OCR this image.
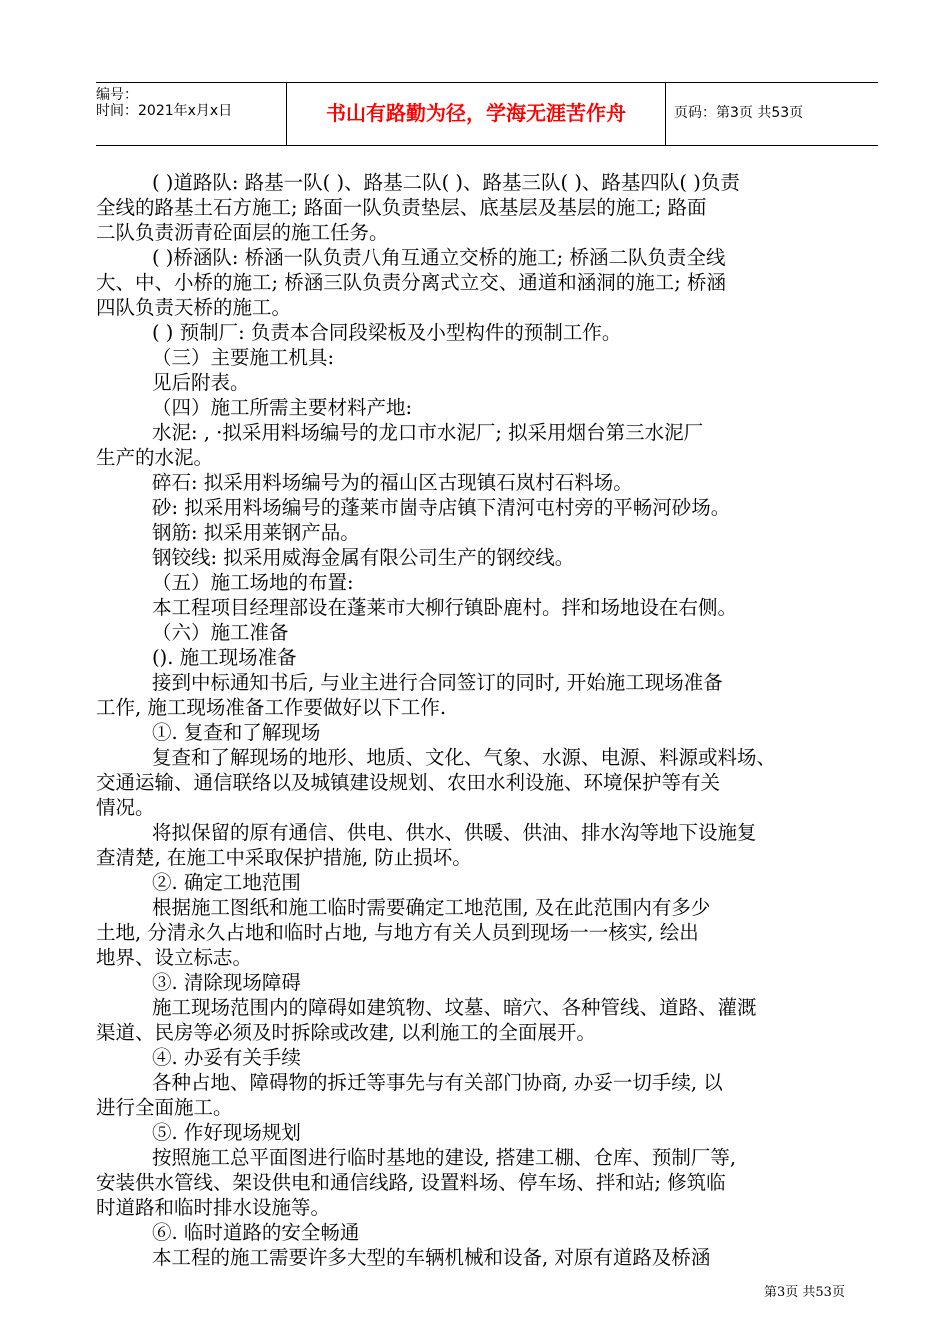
编号：
时间：2021年x月x日	书山有路勤为径，学海无涯苦作舟	页码：第3页 共53页
( )道路队: 路基一队( )、路基二队( )、路基三队( )、路基四队( )负责
全线的路基土石方施工; 路面一队负责垫层、底基层及基层的施工; 路面
二队负责沥青砼面层的施工任务。
( )桥涵队: 桥涵一队负责八角互通立交桥的施工; 桥涵二队负责全线
大、中、小桥的施工; 桥涵三队负责分离式立交、通道和涵洞的施工; 桥涵
四队负责天桥的施工。
( ) 预制厂: 负责本合同段梁板及小型构件的预制工作。
（三）主要施工机具:
见后附表。
（四）施工所需主要材料产地:
水泥: , ·拟采用料场编号的龙口市水泥厂; 拟采用烟台第三水泥厂
生产的水泥。
碎石: 拟采用料场编号为的福山区古现镇石岚村石料场。
砂: 拟采用料场编号的蓬莱市崮寺店镇下清河屯村旁的平畅河砂场。
钢筋: 拟采用莱钢产品。
钢铰线: 拟采用威海金属有限公司生产的钢绞线。
（五）施工场地的布置:
本工程项目经理部设在蓬莱市大柳行镇卧鹿村。拌和场地设在右侧。
（六）施工准备
(). 施工现场准备
接到中标通知书后, 与业主进行合同签订的同时, 开始施工现场准备
工作, 施工现场准备工作要做好以下工作.
①. 复查和了解现场
复查和了解现场的地形、地质、文化、气象、水源、电源、料源或料场、
交通运输、通信联络以及城镇建设规划、农田水利设施、环境保护等有关
情况。
将拟保留的原有通信、供电、供水、供暖、供油、排水沟等地下设施复
查清楚, 在施工中采取保护措施, 防止损坏。
②. 确定工地范围
根据施工图纸和施工临时需要确定工地范围, 及在此范围内有多少
土地, 分清永久占地和临时占地, 与地方有关人员到现场一一核实, 绘出
地界、设立标志。
③. 清除现场障碍
施工现场范围内的障碍如建筑物、坟墓、暗穴、各种管线、道路、灌溉
渠道、民房等必须及时拆除或改建, 以利施工的全面展开。
④. 办妥有关手续
各种占地、障碍物的拆迁等事先与有关部门协商, 办妥一切手续, 以
进行全面施工。
⑤. 作好现场规划
按照施工总平面图进行临时基地的建设, 搭建工棚、仓库、预制厂等,
安装供水管线、架设供电和通信线路, 设置料场、停车场、拌和站; 修筑临
时道路和临时排水设施等。
⑥. 临时道路的安全畅通
本工程的施工需要许多大型的车辆机械和设备, 对原有道路及桥涵
第3页 共53页
